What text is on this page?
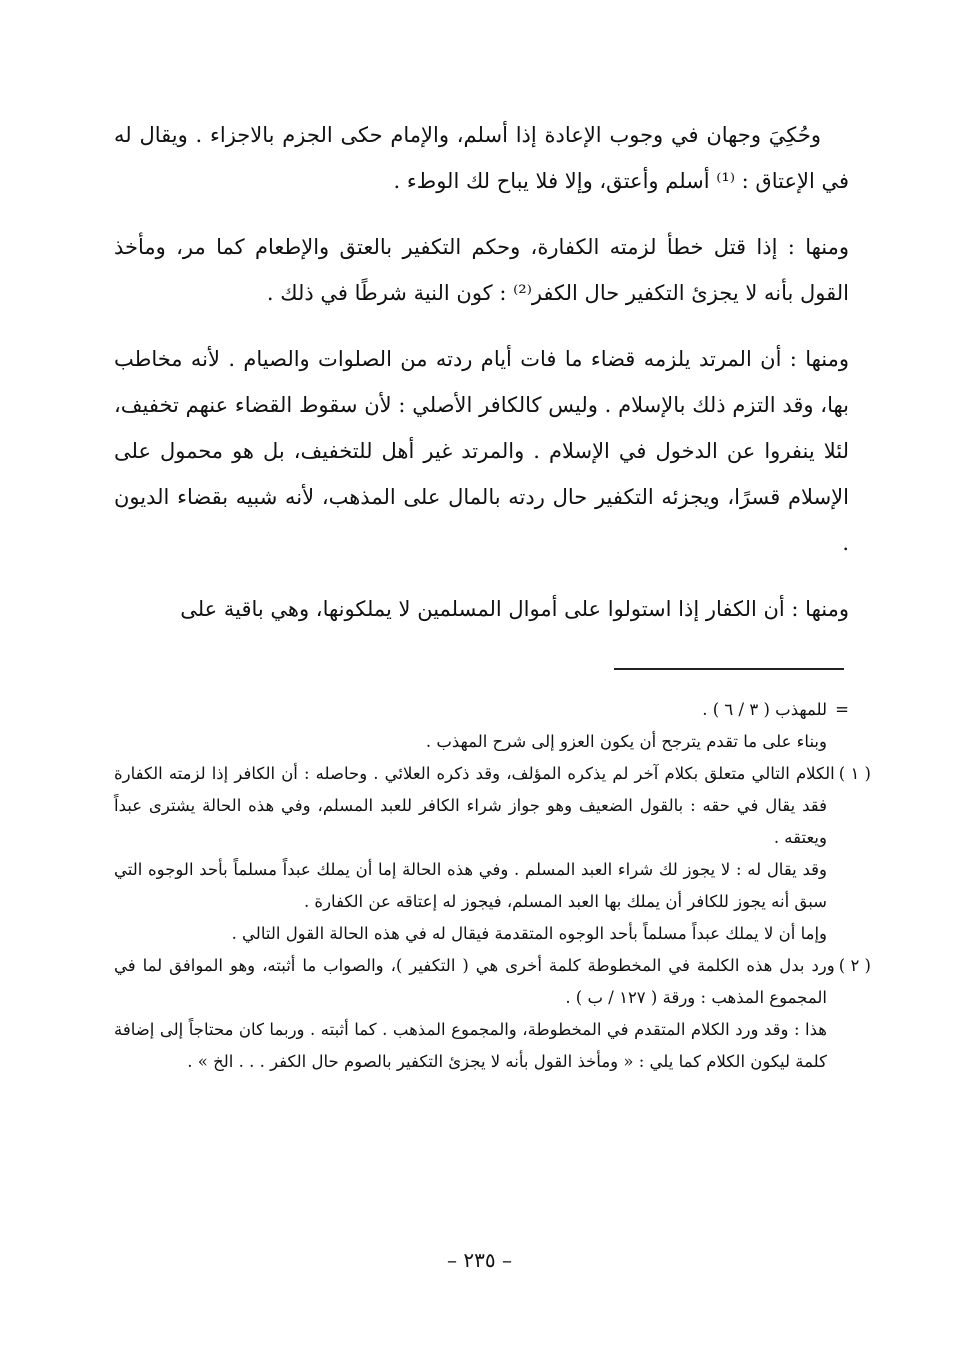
وحُكِيَ وجهان في وجوب الإعادة إذا أسلم، والإمام حكى الجزم بالاجزاء . ويقال له في الإعتاق : ⁽¹⁾ أسلم وأعتق، وإلا فلا يباح لك الوطء .

ومنها : إذا قتل خطأ لزمته الكفارة، وحكم التكفير بالعتق والإطعام كما مر، ومأخذ القول بأنه لا يجزئ التكفير حال الكفر⁽²⁾ : كون النية شرطًا في ذلك .

ومنها : أن المرتد يلزمه قضاء ما فات أيام ردته من الصلوات والصيام . لأنه مخاطب بها، وقد التزم ذلك بالإسلام . وليس كالكافر الأصلي : لأن سقوط القضاء عنهم تخفيف، لئلا ينفروا عن الدخول في الإسلام . والمرتد غير أهل للتخفيف، بل هو محمول على الإسلام قسرًا، ويجزئه التكفير حال ردته بالمال على المذهب، لأنه شبيه بقضاء الديون .

ومنها : أن الكفار إذا استولوا على أموال المسلمين لا يملكونها، وهي باقية على

=للمهذب ( ٣ / ٦ ) .

وبناء على ما تقدم يترجح أن يكون العزو إلى شرح المهذب .

( ١ )الكلام التالي متعلق بكلام آخر لم يذكره المؤلف، وقد ذكره العلائي . وحاصله : أن الكافر إذا لزمته الكفارة فقد يقال في حقه : بالقول الضعيف وهو جواز شراء الكافر للعبد المسلم، وفي هذه الحالة يشترى عبداً ويعتقه .

وقد يقال له : لا يجوز لك شراء العبد المسلم . وفي هذه الحالة إما أن يملك عبداً مسلماً بأحد الوجوه التي سبق أنه يجوز للكافر أن يملك بها العبد المسلم، فيجوز له إعتاقه عن الكفارة .

وإما أن لا يملك عبداً مسلماً بأحد الوجوه المتقدمة فيقال له في هذه الحالة القول التالي .

( ٢ )ورد بدل هذه الكلمة في المخطوطة كلمة أخرى هي ( التكفير )، والصواب ما أثبته، وهو الموافق لما في المجموع المذهب : ورقة ( ١٢٧ / ب ) .

هذا : وقد ورد الكلام المتقدم في المخطوطة، والمجموع المذهب . كما أثبته . وربما كان محتاجاً إلى إضافة كلمة ليكون الكلام كما يلي : « ومأخذ القول بأنه لا يجزئ التكفير بالصوم حال الكفر . . . الخ » .

– ٢٣٥ –
